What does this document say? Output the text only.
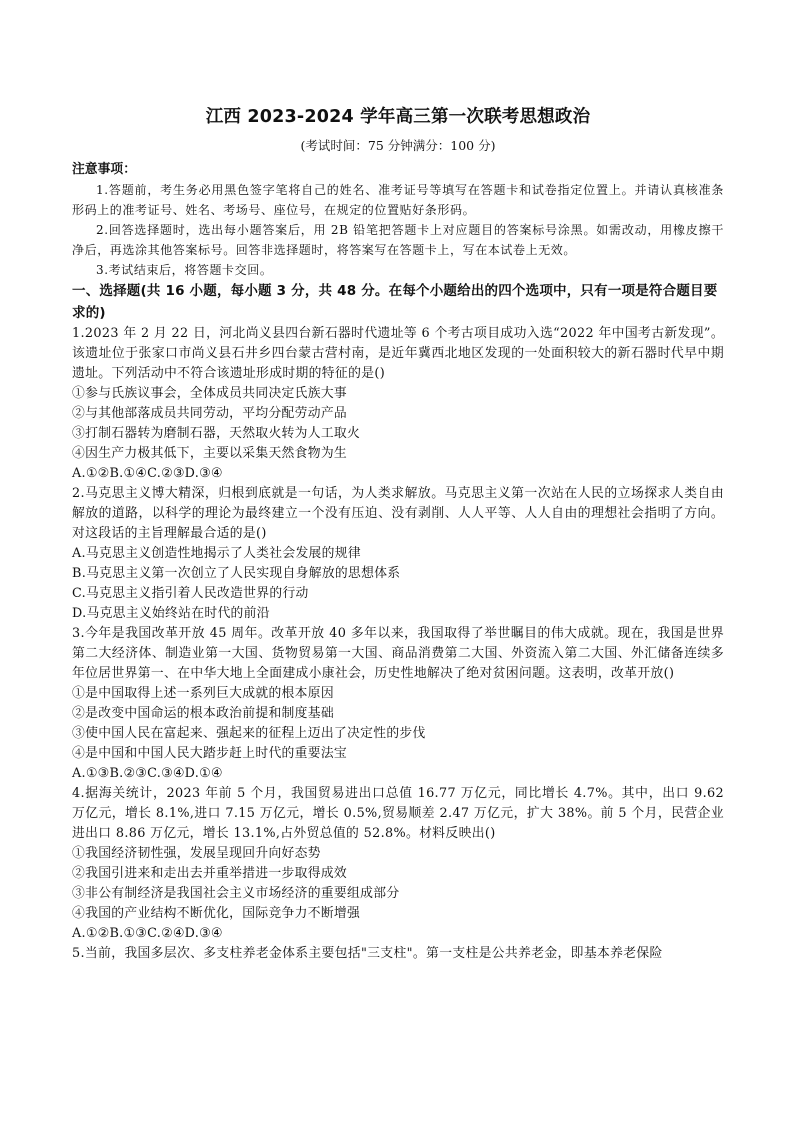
江西 2023-2024 学年高三第一次联考思想政治
(考试时间：75 分钟满分：100 分)
注意事项：
1.答题前，考生务必用黑色签字笔将自己的姓名、准考证号等填写在答题卡和试卷指定位置上。并请认真核准条形码上的准考证号、姓名、考场号、座位号，在规定的位置贴好条形码。
2.回答选择题时，选出每小题答案后，用 2B 铅笔把答题卡上对应题目的答案标号涂黑。如需改动，用橡皮擦干净后，再选涂其他答案标号。回答非选择题时，将答案写在答题卡上，写在本试卷上无效。
3.考试结束后，将答题卡交回。
一、选择题(共 16 小题，每小题 3 分，共 48 分。在每个小题给出的四个选项中，只有一项是符合题目要求的)
1.2023 年 2 月 22 日，河北尚义县四台新石器时代遗址等 6 个考古项目成功入选“2022 年中国考古新发现”。该遗址位于张家口市尚义县石井乡四台蒙古营村南，是近年冀西北地区发现的一处面积较大的新石器时代早中期遗址。下列活动中不符合该遗址形成时期的特征的是()
①参与氏族议事会，全体成员共同决定氏族大事
②与其他部落成员共同劳动，平均分配劳动产品
③打制石器转为磨制石器，天然取火转为人工取火
④因生产力极其低下，主要以采集天然食物为生
A.①②B.①④C.②③D.③④
2.马克思主义博大精深，归根到底就是一句话，为人类求解放。马克思主义第一次站在人民的立场探求人类自由解放的道路，以科学的理论为最终建立一个没有压迫、没有剥削、人人平等、人人自由的理想社会指明了方向。对这段话的主旨理解最合适的是()
A.马克思主义创造性地揭示了人类社会发展的规律
B.马克思主义第一次创立了人民实现自身解放的思想体系
C.马克思主义指引着人民改造世界的行动
D.马克思主义始终站在时代的前沿
3.今年是我国改革开放 45 周年。改革开放 40 多年以来，我国取得了举世瞩目的伟大成就。现在，我国是世界第二大经济体、制造业第一大国、货物贸易第一大国、商品消费第二大国、外资流入第二大国、外汇储备连续多年位居世界第一、在中华大地上全面建成小康社会，历史性地解决了绝对贫困问题。这表明，改革开放()
①是中国取得上述一系列巨大成就的根本原因
②是改变中国命运的根本政治前提和制度基础
③使中国人民在富起来、强起来的征程上迈出了决定性的步伐
④是中国和中国人民大踏步赶上时代的重要法宝
A.①③B.②③C.③④D.①④
4.据海关统计，2023 年前 5 个月，我国贸易进出口总值 16.77 万亿元，同比增长 4.7%。其中，出口 9.62 万亿元，增长 8.1%,进口 7.15 万亿元，增长 0.5%,贸易顺差 2.47 万亿元，扩大 38%。前 5 个月，民营企业进出口 8.86 万亿元，增长 13.1%,占外贸总值的 52.8%。材料反映出()
①我国经济韧性强，发展呈现回升向好态势
②我国引进来和走出去并重举措进一步取得成效
③非公有制经济是我国社会主义市场经济的重要组成部分
④我国的产业结构不断优化，国际竞争力不断增强
A.①②B.①③C.②④D.③④
5.当前，我国多层次、多支柱养老金体系主要包括"三支柱"。第一支柱是公共养老金，即基本养老保险
